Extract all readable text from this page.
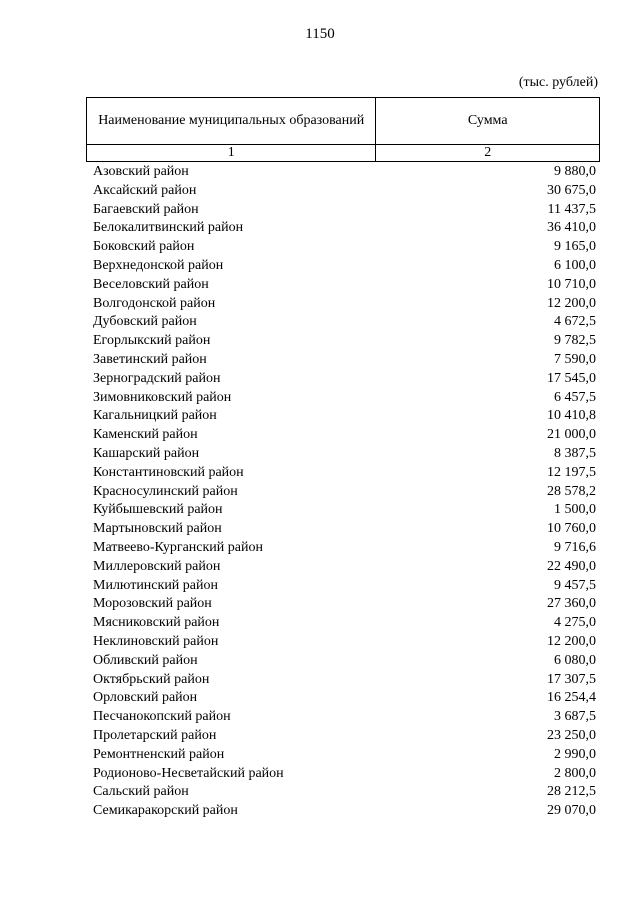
1150
(тыс. рублей)
Наименование муниципальных образований	Сумма
1	2
Азовский район	9 880,0
Аксайский район	30 675,0
Багаевский район	11 437,5
Белокалитвинский район	36 410,0
Боковский район	9 165,0
Верхнедонской район	6 100,0
Веселовский район	10 710,0
Волгодонской район	12 200,0
Дубовский район	4 672,5
Егорлыкский район	9 782,5
Заветинский район	7 590,0
Зерноградский район	17 545,0
Зимовниковский район	6 457,5
Кагальницкий район	10 410,8
Каменский район	21 000,0
Кашарский район	8 387,5
Константиновский район	12 197,5
Красносулинский район	28 578,2
Куйбышевский район	1 500,0
Мартыновский район	10 760,0
Матвеево-Курганский район	9 716,6
Миллеровский район	22 490,0
Милютинский район	9 457,5
Морозовский район	27 360,0
Мясниковский район	4 275,0
Неклиновский район	12 200,0
Обливский район	6 080,0
Октябрьский район	17 307,5
Орловский район	16 254,4
Песчанокопский район	3 687,5
Пролетарский район	23 250,0
Ремонтненский район	2 990,0
Родионово-Несветайский район	2 800,0
Сальский район	28 212,5
Семикаракорский район	29 070,0
